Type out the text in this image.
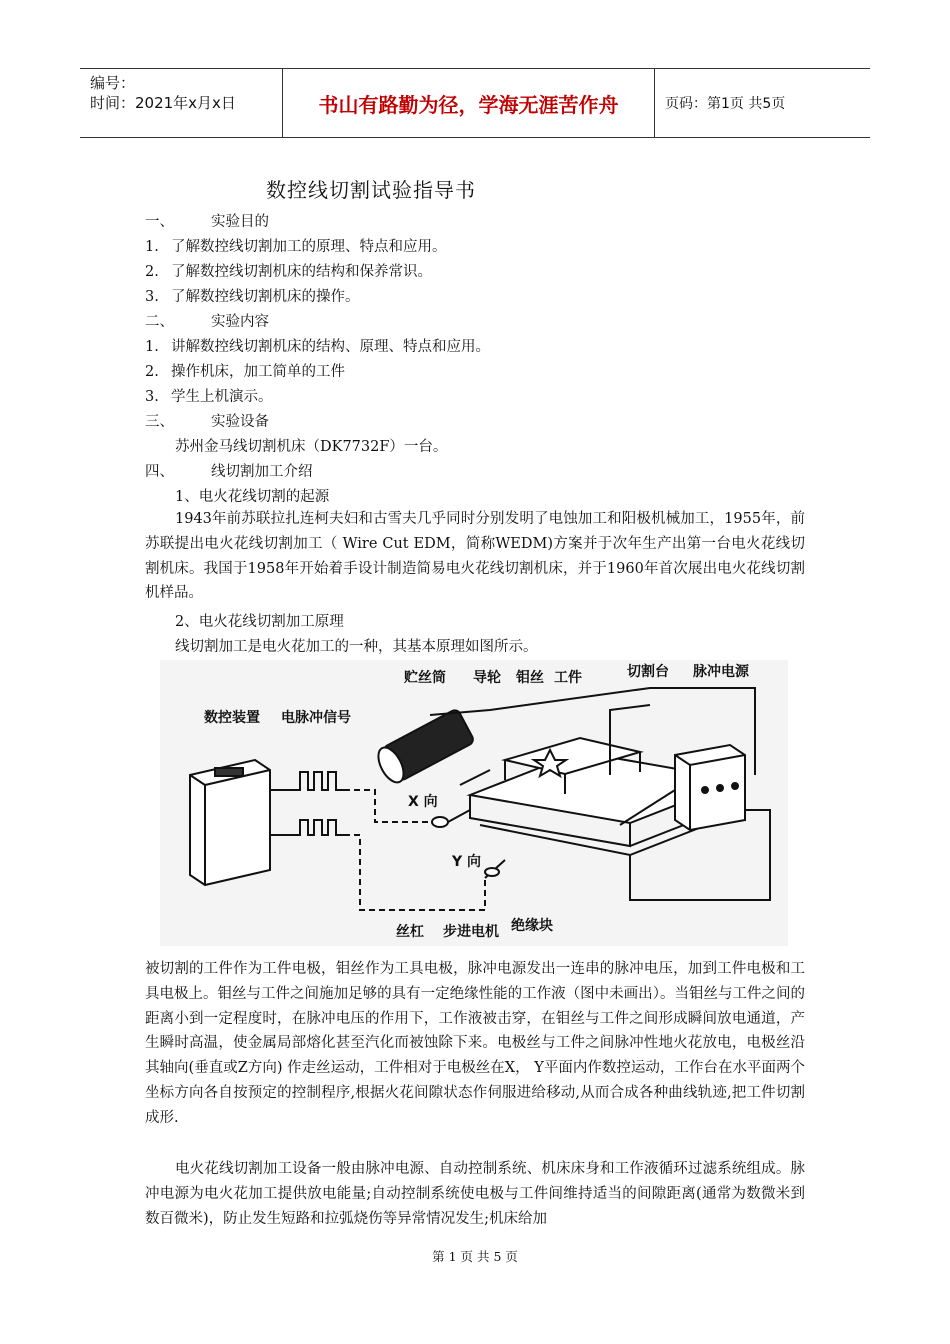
编号：
时间：2021年x月x日	书山有路勤为径，学海无涯苦作舟	页码：第1页 共5页
数控线切割试验指导书
一、	实验目的
1. 了解数控线切割加工的原理、特点和应用。
2. 了解数控线切割机床的结构和保养常识。
3. 了解数控线切割机床的操作。
二、	实验内容
1. 讲解数控线切割机床的结构、原理、特点和应用。
2. 操作机床，加工简单的工件
3. 学生上机演示。
三、	实验设备
苏州金马线切割机床（DK7732F）一台。
四、	线切割加工介绍
1、电火花线切割的起源

1943年前苏联拉扎连柯夫妇和古雪夫几乎同时分别发明了电蚀加工和阳极机械加工，1955年，前苏联提出电火花线切割加工（ Wire Cut EDM，简称WEDM)方案并于次年生产出第一台电火花线切割机床。我国于1958年开始着手设计制造简易电火花线切割机床，并于1960年首次展出电火花线切割机样品。

2、电火花线切割加工原理
线切割加工是电火花加工的一种，其基本原理如图所示。
贮丝筒 导轮 钼丝 工件	切割台 脉冲电源
数控装置 电脉冲信号
X 向
Y 向
丝杠 步进电机 绝缘块

被切割的工件作为工件电极，钼丝作为工具电极，脉冲电源发出一连串的脉冲电压，加到工件电极和工具电极上。钼丝与工件之间施加足够的具有一定绝缘性能的工作液（图中未画出）。当钼丝与工件之间的距离小到一定程度时，在脉冲电压的作用下，工作液被击穿，在钼丝与工件之间形成瞬间放电通道，产生瞬时高温，使金属局部熔化甚至汽化而被蚀除下来。电极丝与工件之间脉冲性地火花放电，电极丝沿其轴向(垂直或Z方向) 作走丝运动，工件相对于电极丝在X， Y平面内作数控运动，工作台在水平面两个坐标方向各自按预定的控制程序,根据火花间隙状态作伺服进给移动,从而合成各种曲线轨迹,把工件切割成形.

电火花线切割加工设备一般由脉冲电源、自动控制系统、机床床身和工作液循环过滤系统组成。脉冲电源为电火花加工提供放电能量;自动控制系统使电极与工件间维持适当的间隙距离(通常为数微米到数百微米)，防止发生短路和拉弧烧伤等异常情况发生;机床给加

第 1 页 共 5 页
